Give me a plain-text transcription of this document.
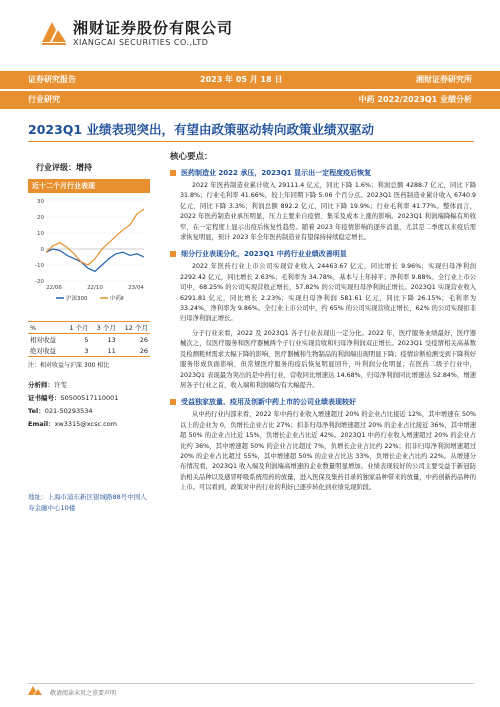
湘财证券股份有限公司
XIANGCAI SECURITIES CO.,LTD
证券研究报告	2023 年 05 月 18 日	湘财证券研究所
行业研究	中药 2022/2023Q1 业绩分析
2023Q1 业绩表现突出，有望由政策驱动转向政策业绩双驱动
行业评级：增持
近十二个月行业表现
30
20
10
0
-10
-20
22/06	22/10	23/04
沪深300	中药Ⅱ
%	1 个月	3 个月	12 个月
相对收益	5	13	26
绝对收益	3	11	26
注：相对收益与沪深 300 相比
分析师：许雯
证书编号：S0500517110001
Tel：021-50293534
Email：xw3315@xcsc.com
地址：上海市浦东新区银城路88号中国人寿金融中心10楼
核心要点：
医药制造业 2022 承压，2023Q1 显示出一定程度疫后恢复

2022 年医药制造业累计收入 29111.4 亿元，同比下降 1.6%；利润总额 4288.7 亿元，同比下降 31.8%；行业毛利率 41.66%，较上年同期下降 5.06 个百分点。2023Q1 医药制造业累计收入 6740.9 亿元，同比下降 3.3%；利润总额 892.2 亿元，同比下降 19.9%；行业毛利率 41.77%。整体而言，2022 年医药制造业承压明显，压力主要来自疫情、集采及成本上涨的影响。2023Q1 利润端降幅有所收窄，在一定程度上显示出疫后恢复性趋势。随着 2023 年疫情影响的逐步消退，尤其是二季度以来疫后需求恢复明显，预计 2023 年全年医药制造业有望保持持续稳定增长。

细分行业表现分化，2023Q1 中药行业业绩改善明显

2022 年医药行业上市公司实现营业收入 24463.67 亿元，同比增长 9.96%；实现归母净利润 2292.42 亿元，同比增长 2.63%；毛利率为 34.78%，基本与上年持平；净利率 9.88%。全行业上市公司中，68.25% 的公司实现营收正增长，57.82% 的公司实现归母净利润正增长。2023Q1 实现营业收入 6291.81 亿元，同比增长 2.23%；实现归母净利润 581.61 亿元，同比下降 26.15%；毛利率为 33.24%，净利率为 9.86%。全行业上市公司中，约 65% 的公司实现营收正增长，62% 的公司实现扣非归母净利润正增长。

分子行业来看，2022 及 2023Q1 各子行业表现出一定分化。2022 年，医疗服务业绩最好，医疗器械次之，仅医疗服务和医疗器械两个子行业实现营收和归母净利润双正增长。2023Q1 受疫情相关高基数及检测耗材需求大幅下降的影响，医疗器械和生物制品的利润端出现明显下降；疫情诊断检测受到下降利好服务形成负面影响，但常规医疗服务的疫后恢复明显回升，叶利润分化明显；在医药二级子行业中，2023Q1 表现最为突出的是中药行业，营收同比增速达 14.68%，归母净利润同比增速达 52.84%，增速居各子行业之首，收入端和利润端均有大幅提升。

受益独家放量、疫用及创新中药上市的公司业绩表现较好

从中药行业内部来看，2022 年中药行业收入增速超过 20% 的企业占比接近 12%，其中增速在 50% 以上的企业为 0，负增长企业占比 27%；扣非归母净利润增速超过 20% 的企业占比接近 36%，其中增速超 50% 的企业占比近 15%，负增长企业占比近 42%。2023Q1 中药行业收入增速超过 20% 的企业占比约 36%，其中增速超 50% 的企业占比超过 7%，负增长企业占比约 22%；扣非归母净利润增速超过 20% 的企业占比超过 55%，其中增速超 50% 的企业占比达 33%，负增长企业占比约 22%。从增速分布情况看，2023Q1 收入端及利润端高增速的企业数量明显增加。业绩表现较好的公司主要受益于新冠防治相关品种以及感冒呼吸系统用药的放量，进入医保及集药目录的独家品种带来的放量，中药创新药品种的上市。可以看到，政策对中药行业的利好已逐步转化到业绩兑现阶段。

敬请阅读末页之重要声明
